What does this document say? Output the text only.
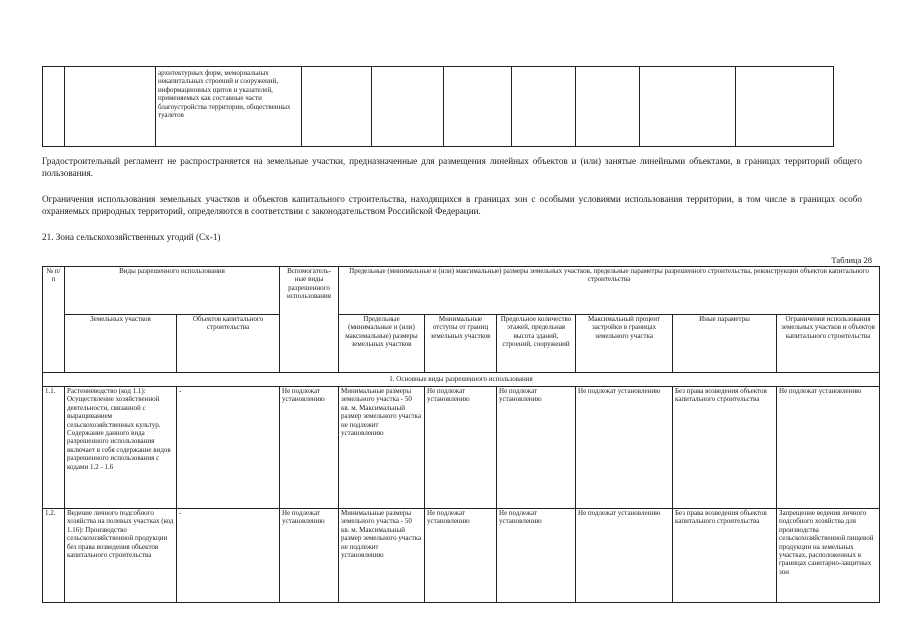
архитектурных форм, мемориальных некапитальных строений и сооружений, информационных щитов и указателей, применяемых как составные части благоустройства территории, общественных туалетов

Градостроительный регламент не распространяется на земельные участки, предназначенные для размещения линейных объектов и (или) занятые линейными объектами, в границах территорий общего пользования.
Ограничения использования земельных участков и объектов капитального строительства, находящихся в границах зон с особыми условиями использования территории, в том числе в границах особо охраняемых природных территорий, определяются в соответствии с законодательством Российской Федерации.
21. Зона сельскохозяйственных угодий (Сх-1)
Таблица 28
№ п/п	Виды разрешенного использования		Вспомогатель-ные виды разрешенного использования	Предельные (минимальные и (или) максимальные) размеры земельных участков, предельные параметры разрешенного строительства, реконструкции объектов капитального строительства					
	Земельных участков	Объектов капитального строительства		Предельные (минимальные и (или) максимальные) размеры земельных участков	Минимальные отступы от границ земельных участков	Предельное количество этажей, предельная высота зданий, строений, сооружений	Максимальный процент застройки в границах земельного участка	Иные параметры	Ограничения использования земельных участков и объектов капитального строительства
1. Основные виды разрешенного использования									
1.1.	Растениеводство (код 1.1): Осуществление хозяйственной деятельности, связанной с выращиванием сельскохозяйственных культур. Содержание данного вида разрешенного использования включает в себя содержание видов разрешенного использования с кодами 1.2 - 1.6	-	Не подлежат установлению	Минимальные размеры земельного участка - 50 кв. м. Максимальный размер земельного участка не подлежит установлению	Не подлежат установлению	Не подлежат установлению	Не подлежат установлению	Без права возведения объектов капитального строительства	Не подлежат установлению
1.2.	Ведение личного подсобного хозяйства на полевых участках (код 1.16): Производство сельскохозяйственной продукции без права возведения объектов капитального строительства	-	Не подлежат установлению	Минимальные размеры земельного участка - 50 кв. м. Максимальный размер земельного участка не подлежит установлению	Не подлежат установлению	Не подлежат установлению	Не подлежат установлению	Без права возведения объектов капитального строительства	Запрещение ведения личного подсобного хозяйства для производства сельскохозяйственной пищевой продукции на земельных участках, расположенных в границах санитарно-защитных зон
